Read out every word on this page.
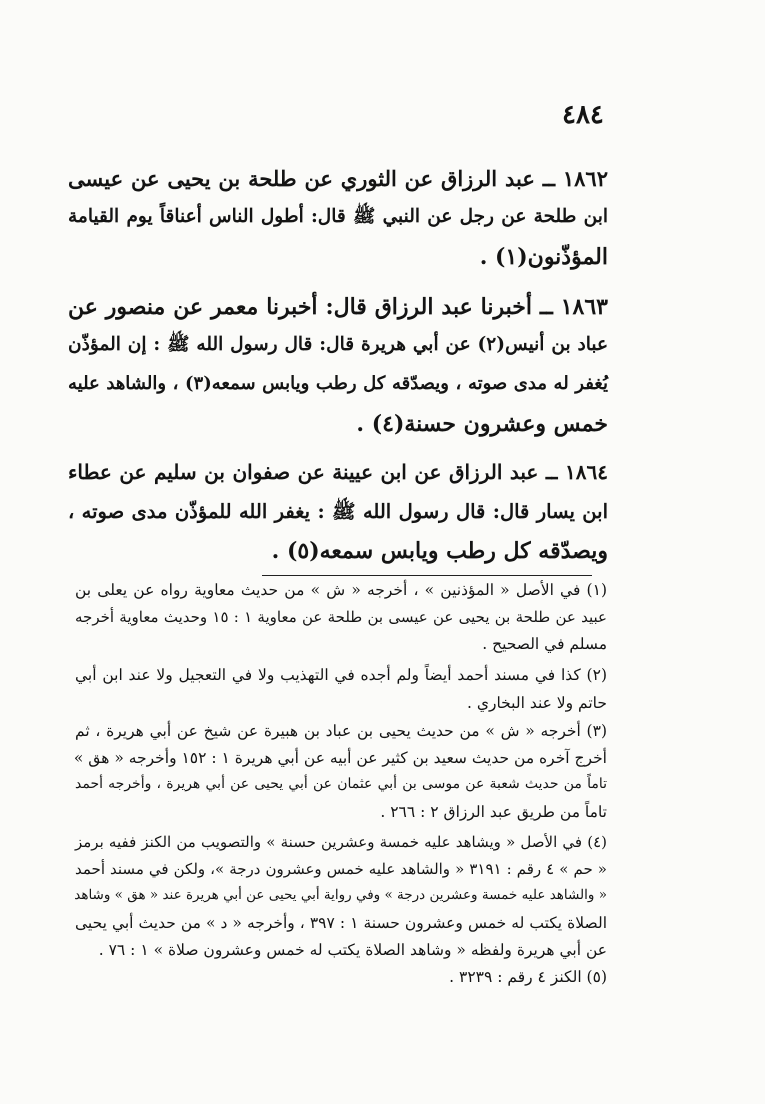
٤٨٤
١٨٦٢ ــ عبد الرزاق عن الثوري عن طلحة بن يحيى عن عيسى
ابن طلحة عن رجل عن النبي ﷺ قال: أطول الناس أعناقاً يوم القيامة
المؤذّنون(١) .
١٨٦٣ ــ أخبرنا عبد الرزاق قال: أخبرنا معمر عن منصور عن
عباد بن أنيس(٢) عن أبي هريرة قال: قال رسول الله ﷺ : إن المؤذّن
يُغفر له مدى صوته ، ويصدّقه كل رطب ويابس سمعه(٣) ، والشاهد عليه
خمس وعشرون حسنة(٤) .
١٨٦٤ ــ عبد الرزاق عن ابن عيينة عن صفوان بن سليم عن عطاء
ابن يسار قال: قال رسول الله ﷺ : يغفر الله للمؤذّن مدى صوته ،
ويصدّقه كل رطب ويابس سمعه(٥) .
(١) في الأصل « المؤذنين » ، أخرجه « ش » من حديث معاوية رواه عن يعلى بن
عبيد عن طلحة بن يحيى عن عيسى بن طلحة عن معاوية ١ : ١٥ وحديث معاوية أخرجه
مسلم في الصحيح .
(٢) كذا في مسند أحمد أيضاً ولم أجده في التهذيب ولا في التعجيل ولا عند ابن أبي
حاتم ولا عند البخاري .
(٣) أخرجه « ش » من حديث يحيى بن عباد بن هبيرة عن شيخ عن أبي هريرة ، ثم
أخرج آخره من حديث سعيد بن كثير عن أبيه عن أبي هريرة ١ : ١٥٢ وأخرجه « هق »
تاماً من حديث شعبة عن موسى بن أبي عثمان عن أبي يحيى عن أبي هريرة ، وأخرجه أحمد
تاماً من طريق عبد الرزاق ٢ : ٢٦٦ .
(٤) في الأصل « ويشاهد عليه خمسة وعشرين حسنة » والتصويب من الكنز ففيه برمز
« حم » ٤ رقم : ٣١٩١ « والشاهد عليه خمس وعشرون درجة »، ولكن في مسند أحمد
« والشاهد عليه خمسة وعشرين درجة » وفي رواية أبي يحيى عن أبي هريرة عند « هق » وشاهد
الصلاة يكتب له خمس وعشرون حسنة ١ : ٣٩٧ ، وأخرجه « د » من حديث أبي يحيى
عن أبي هريرة ولفظه « وشاهد الصلاة يكتب له خمس وعشرون صلاة » ١ : ٧٦ .
(٥) الكنز ٤ رقم : ٣٢٣٩ .
